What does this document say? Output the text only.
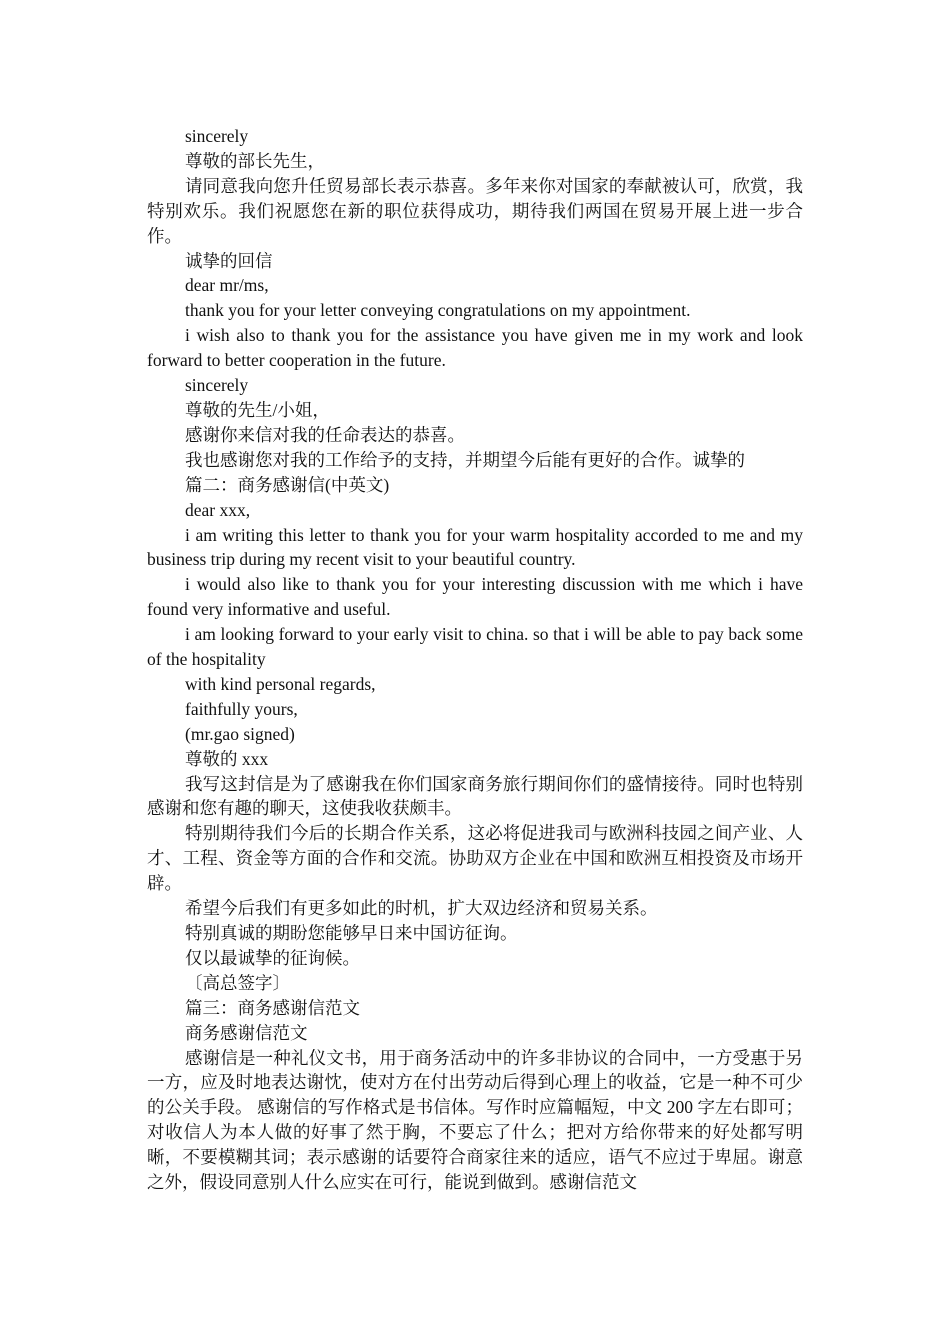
sincerely

尊敬的部长先生，

请同意我向您升任贸易部长表示恭喜。多年来你对国家的奉献被认可，欣赏，我特别欢乐。我们祝愿您在新的职位获得成功，期待我们两国在贸易开展上进一步合作。

诚挚的回信

dear mr/ms,

thank you for your letter conveying congratulations on my appointment.

i wish also to thank you for the assistance you have given me in my work and look forward to better cooperation in the future.

sincerely

尊敬的先生/小姐，

感谢你来信对我的任命表达的恭喜。

我也感谢您对我的工作给予的支持，并期望今后能有更好的合作。诚挚的

篇二：商务感谢信(中英文)

dear xxx,

i am writing this letter to thank you for your warm hospitality accorded to me and my business trip during my recent visit to your beautiful country.

i would also like to thank you for your interesting discussion with me which i have found very informative and useful.

i am looking forward to your early visit to china. so that i will be able to pay back some of the hospitality

with kind personal regards,

faithfully yours,

(mr.gao signed)

尊敬的 xxx

我写这封信是为了感谢我在你们国家商务旅行期间你们的盛情接待。同时也特别感谢和您有趣的聊天，这使我收获颇丰。

特别期待我们今后的长期合作关系，这必将促进我司与欧洲科技园之间产业、人才、工程、资金等方面的合作和交流。协助双方企业在中国和欧洲互相投资及市场开辟。

希望今后我们有更多如此的时机，扩大双边经济和贸易关系。

特别真诚的期盼您能够早日来中国访征询。

仅以最诚挚的征询候。

〔高总签字〕

篇三：商务感谢信范文

商务感谢信范文

感谢信是一种礼仪文书，用于商务活动中的许多非协议的合同中，一方受惠于另一方，应及时地表达谢忱，使对方在付出劳动后得到心理上的收益，它是一种不可少的公关手段。 感谢信的写作格式是书信体。写作时应篇幅短，中文 200 字左右即可；对收信人为本人做的好事了然于胸，不要忘了什么；把对方给你带来的好处都写明晰，不要模糊其词；表示感谢的话要符合商家往来的适应，语气不应过于卑屈。谢意之外，假设同意别人什么应实在可行，能说到做到。感谢信范文
